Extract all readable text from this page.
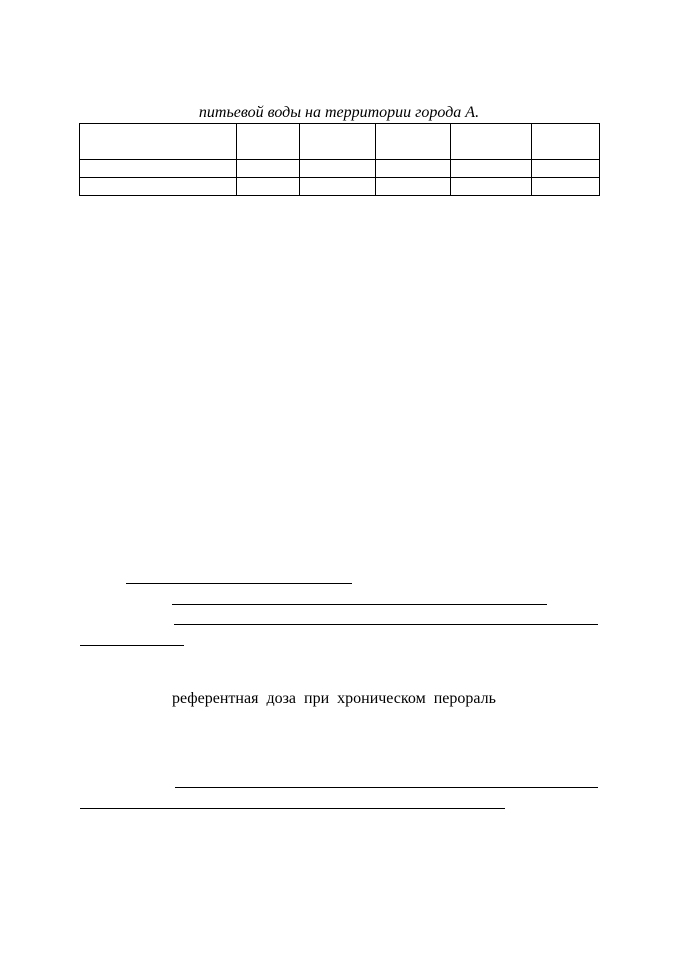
питьевой воды на территории города А.

референтная доза при хроническом перораль
